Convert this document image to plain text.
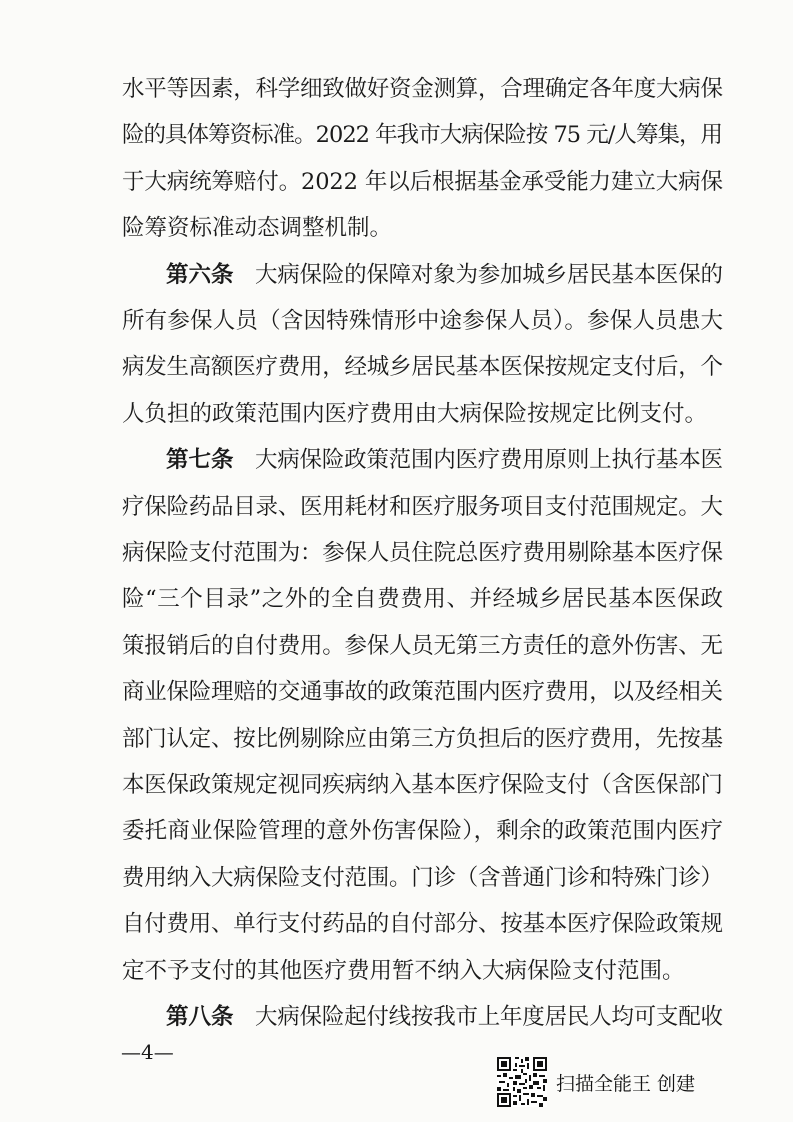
水平等因素，科学细致做好资金测算，合理确定各年度大病保
险的具体筹资标准。2022 年我市大病保险按 75 元/人筹集，用
于大病统筹赔付。2022 年以后根据基金承受能力建立大病保
险筹资标准动态调整机制。
第六条 大病保险的保障对象为参加城乡居民基本医保的
所有参保人员（含因特殊情形中途参保人员）。参保人员患大
病发生高额医疗费用，经城乡居民基本医保按规定支付后，个
人负担的政策范围内医疗费用由大病保险按规定比例支付。
第七条 大病保险政策范围内医疗费用原则上执行基本医
疗保险药品目录、医用耗材和医疗服务项目支付范围规定。大
病保险支付范围为：参保人员住院总医疗费用剔除基本医疗保
险“三个目录”之外的全自费费用、并经城乡居民基本医保政
策报销后的自付费用。参保人员无第三方责任的意外伤害、无
商业保险理赔的交通事故的政策范围内医疗费用，以及经相关
部门认定、按比例剔除应由第三方负担后的医疗费用，先按基
本医保政策规定视同疾病纳入基本医疗保险支付（含医保部门
委托商业保险管理的意外伤害保险），剩余的政策范围内医疗
费用纳入大病保险支付范围。门诊（含普通门诊和特殊门诊）
自付费用、单行支付药品的自付部分、按基本医疗保险政策规
定不予支付的其他医疗费用暂不纳入大病保险支付范围。
第八条 大病保险起付线按我市上年度居民人均可支配收
—4—
扫描全能王 创建
